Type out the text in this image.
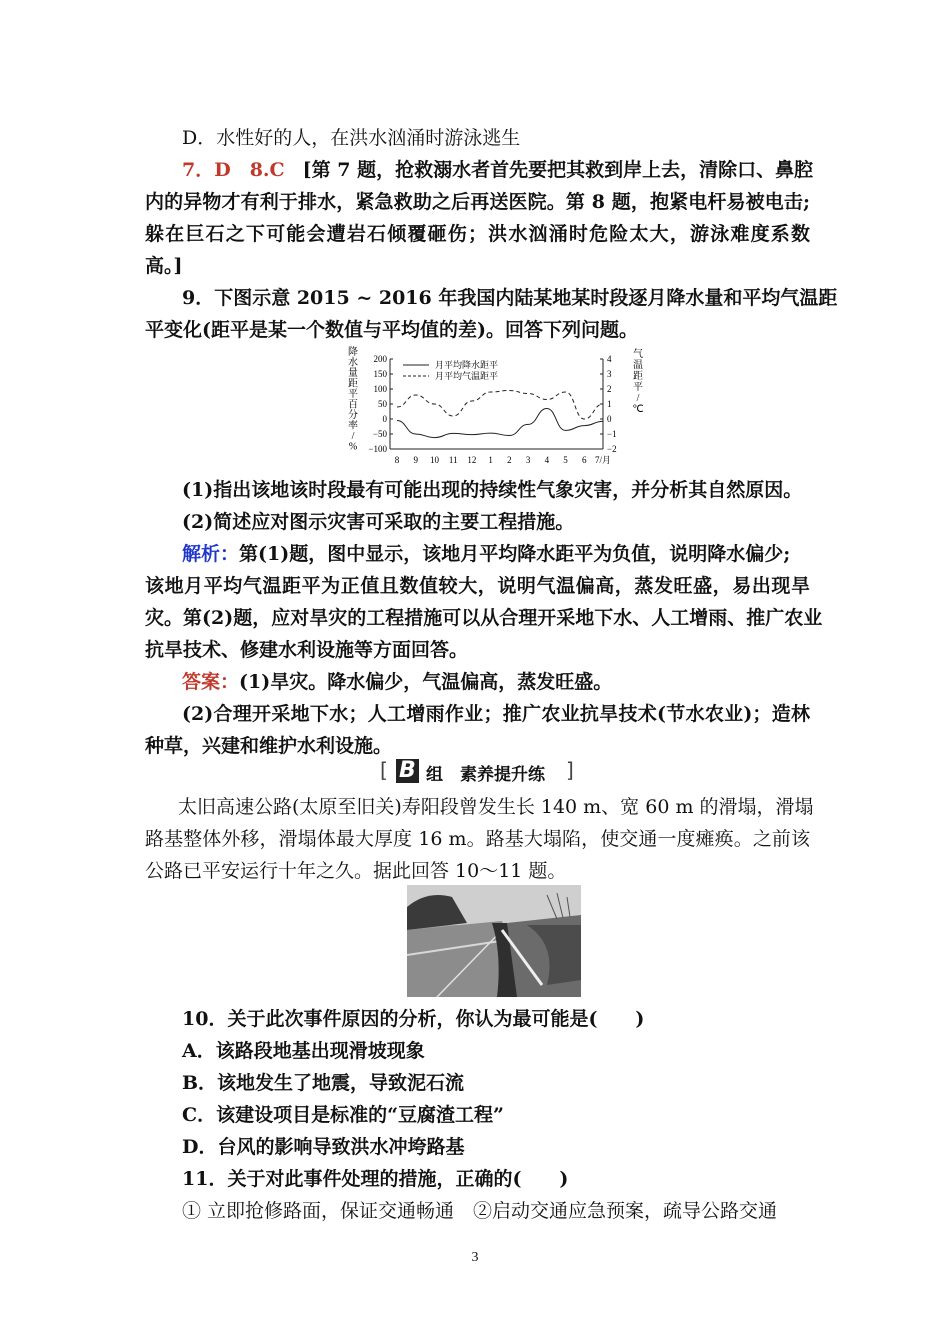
D．水性好的人，在洪水汹涌时游泳逃生
7．D　8.C [第 7 题，抢救溺水者首先要把其救到岸上去，清除口、鼻腔
内的异物才有利于排水，紧急救助之后再送医院。第 8 题，抱紧电杆易被电击;
躲在巨石之下可能会遭岩石倾覆砸伤；洪水汹涌时危险太大，游泳难度系数
高。]
9．下图示意 2015 ~ 2016 年我国内陆某地某时段逐月降水量和平均气温距
平变化(距平是某一个数值与平均值的差)。回答下列问题。
200
150
100
50
0
−50
−100
4
3
2
1
0
−1
−2
8 9 10 11 12 1 2 3 4 5 6 7/月
降
水
量
距
平
百
分
率
/
%
气
温
距
平
/
℃
月平均降水距平
月平均气温距平
(1)指出该地该时段最有可能出现的持续性气象灾害，并分析其自然原因。
(2)简述应对图示灾害可采取的主要工程措施。
解析：第(1)题，图中显示，该地月平均降水距平为负值，说明降水偏少;
该地月平均气温距平为正值且数值较大，说明气温偏高，蒸发旺盛，易出现旱
灾。第(2)题，应对旱灾的工程措施可以从合理开采地下水、人工增雨、推广农业
抗旱技术、修建水利设施等方面回答。
答案：(1)旱灾。降水偏少，气温偏高，蒸发旺盛。
(2)合理开采地下水；人工增雨作业；推广农业抗旱技术(节水农业)；造林
种草，兴建和维护水利设施。
[ B 组　素养提升练 ]
太旧高速公路(太原至旧关)寿阳段曾发生长 140 m、宽 60 m 的滑塌，滑塌
路基整体外移，滑塌体最大厚度 16 m。路基大塌陷，使交通一度瘫痪。之前该
公路已平安运行十年之久。据此回答 10～11 题。
10．关于此次事件原因的分析，你认为最可能是(　　)
A．该路段地基出现滑坡现象
B．该地发生了地震，导致泥石流
C．该建设项目是标准的“豆腐渣工程”
D．台风的影响导致洪水冲垮路基
11．关于对此事件处理的措施，正确的(　　)
① 立即抢修路面，保证交通畅通　②启动交通应急预案，疏导公路交通
3
